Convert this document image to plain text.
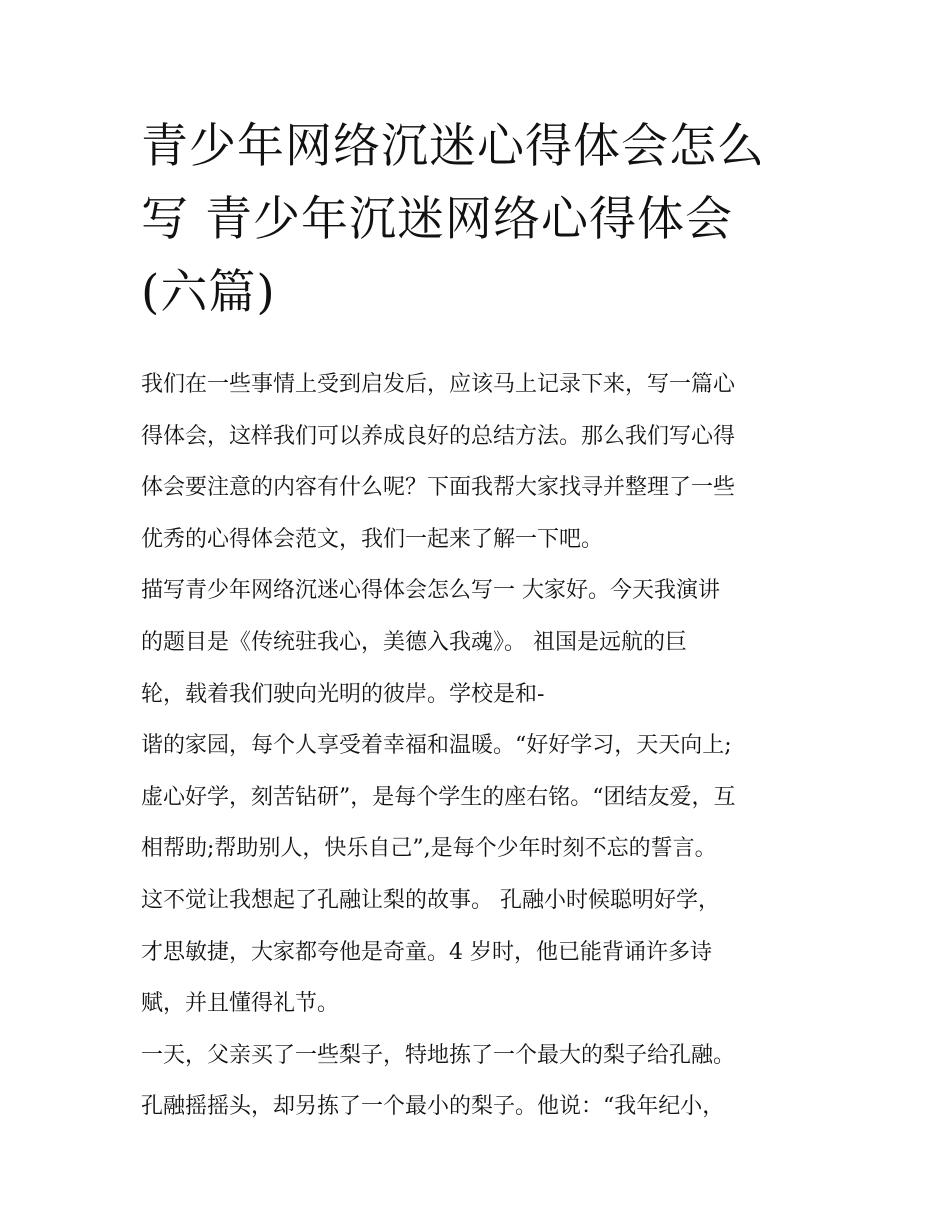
青少年网络沉迷心得体会怎么
写 青少年沉迷网络心得体会
(六篇)
我们在一些事情上受到启发后，应该马上记录下来，写一篇心
得体会，这样我们可以养成良好的总结方法。那么我们写心得
体会要注意的内容有什么呢？下面我帮大家找寻并整理了一些
优秀的心得体会范文，我们一起来了解一下吧。
描写青少年网络沉迷心得体会怎么写一 大家好。今天我演讲
的题目是《传统驻我心，美德入我魂》。 祖国是远航的巨
轮，载着我们驶向光明的彼岸。学校是和-
谐的家园，每个人享受着幸福和温暖。“好好学习，天天向上;
虚心好学，刻苦钻研”，是每个学生的座右铭。“团结友爱，互
相帮助;帮助别人，快乐自己”,是每个少年时刻不忘的誓言。
这不觉让我想起了孔融让梨的故事。 孔融小时候聪明好学，
才思敏捷，大家都夸他是奇童。4 岁时，他已能背诵许多诗
赋，并且懂得礼节。
一天，父亲买了一些梨子，特地拣了一个最大的梨子给孔融。
孔融摇摇头，却另拣了一个最小的梨子。他说：“我年纪小，
